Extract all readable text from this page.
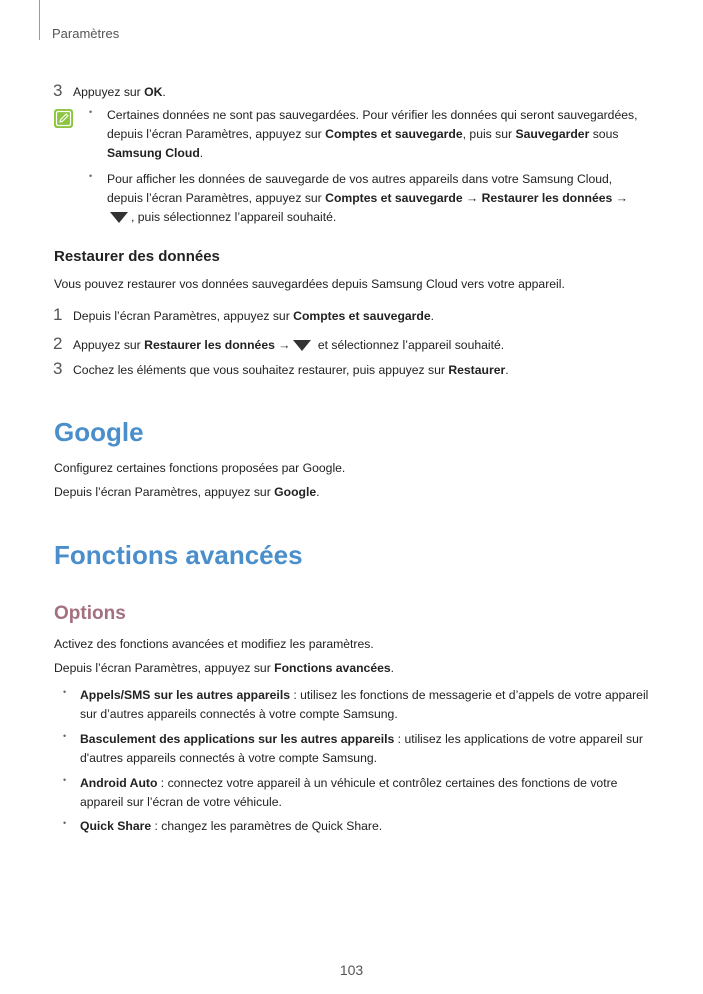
Paramètres
3 Appuyez sur OK.
• Certaines données ne sont pas sauvegardées. Pour vérifier les données qui seront sauvegardées, depuis l’écran Paramètres, appuyez sur Comptes et sauvegarde, puis sur Sauvegarder sous Samsung Cloud.
• Pour afficher les données de sauvegarde de vos autres appareils dans votre Samsung Cloud, depuis l’écran Paramètres, appuyez sur Comptes et sauvegarde → Restaurer les données →, puis sélectionnez l’appareil souhaité.
Restaurer des données
Vous pouvez restaurer vos données sauvegardées depuis Samsung Cloud vers votre appareil.
1 Depuis l’écran Paramètres, appuyez sur Comptes et sauvegarde.
2 Appuyez sur Restaurer les données → et sélectionnez l’appareil souhaité.
3 Cochez les éléments que vous souhaitez restaurer, puis appuyez sur Restaurer.
Google
Configurez certaines fonctions proposées par Google.
Depuis l’écran Paramètres, appuyez sur Google.
Fonctions avancées
Options
Activez des fonctions avancées et modifiez les paramètres.
Depuis l’écran Paramètres, appuyez sur Fonctions avancées.
• Appels/SMS sur les autres appareils : utilisez les fonctions de messagerie et d’appels de votre appareil sur d’autres appareils connectés à votre compte Samsung.
• Basculement des applications sur les autres appareils : utilisez les applications de votre appareil sur d'autres appareils connectés à votre compte Samsung.
• Android Auto : connectez votre appareil à un véhicule et contrôlez certaines des fonctions de votre appareil sur l’écran de votre véhicule.
• Quick Share : changez les paramètres de Quick Share.
103
